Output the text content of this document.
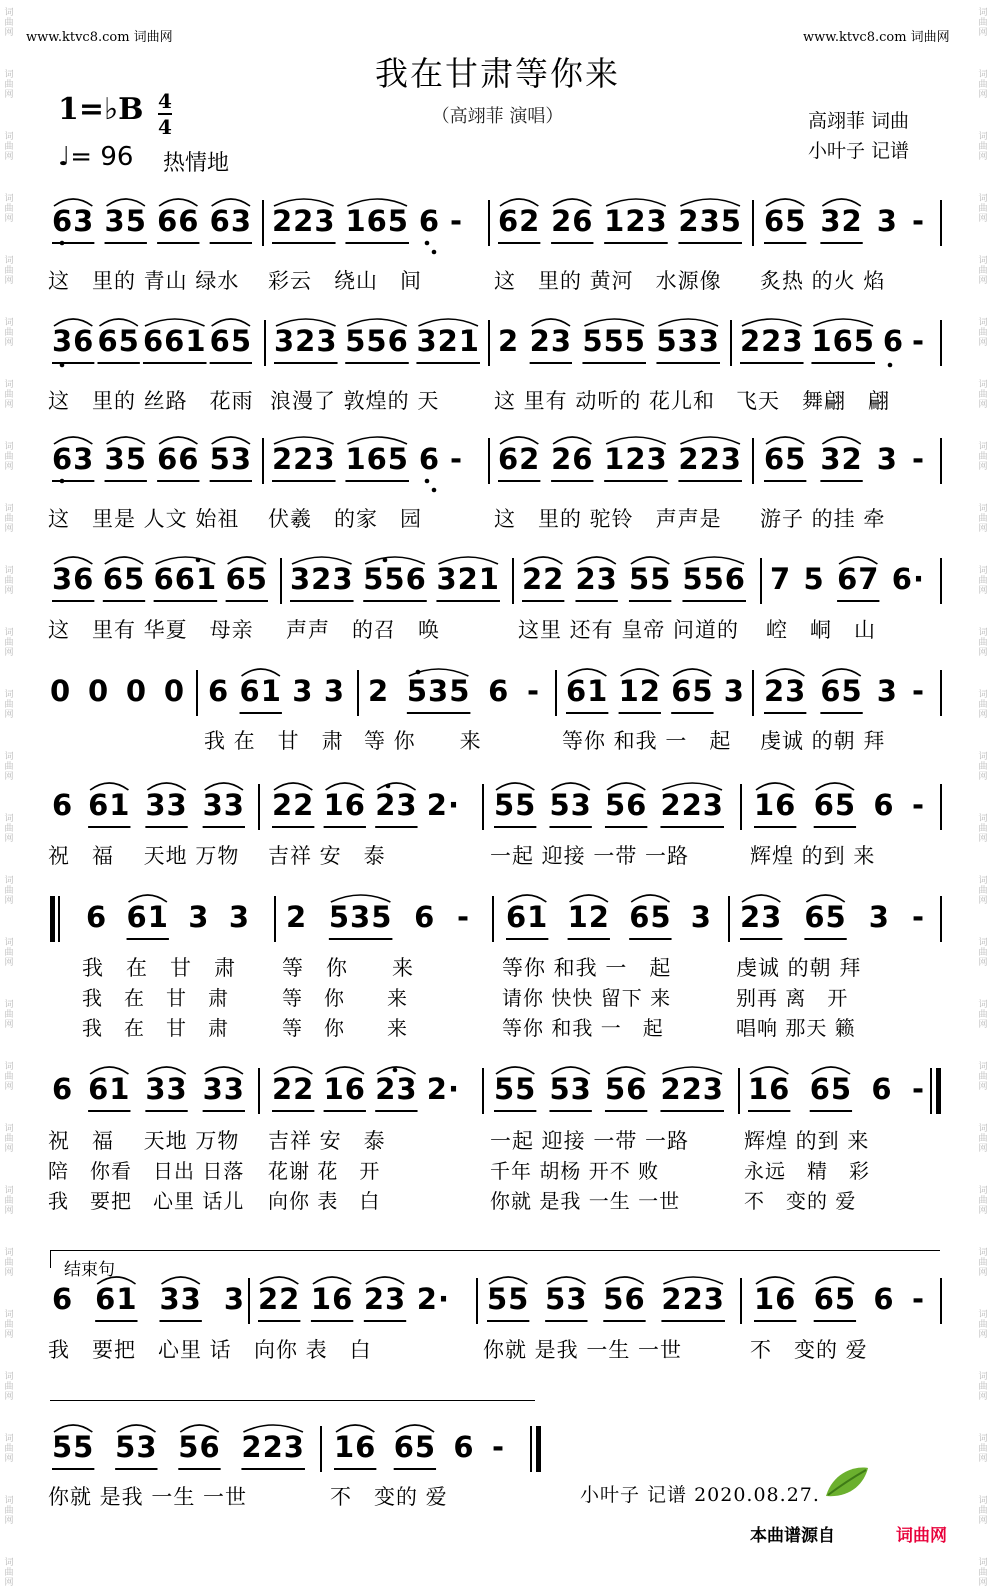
词
曲
网
词
曲
网
词
曲
网
词
曲
网
词
曲
网
词
曲
网
词
曲
网
词
曲
网
词
曲
网
词
曲
网
词
曲
网
词
曲
网
词
曲
网
词
曲
网
词
曲
网
词
曲
网
词
曲
网
词
曲
网
词
曲
网
词
曲
网
词
曲
网
词
曲
网
词
曲
网
词
曲
网
词
曲
网
词
曲
网
词
曲
网
词
曲
网
词
曲
网
词
曲
网
词
曲
网
词
曲
网
词
曲
网
词
曲
网
词
曲
网
词
曲
网
词
曲
网
词
曲
网
词
曲
网
词
曲
网
词
曲
网
词
曲
网
词
曲
网
词
曲
网
词
曲
网
词
曲
网
词
曲
网
词
曲
网
词
曲
网
词
曲
网
词
曲
网
词
曲
网
www.ktvc8.com 词曲网	www.ktvc8.com 词曲网
我在甘肃等你来
（高翊菲 演唱）	高翊菲 词曲
小叶子 记谱
1=♭B 4
4
♩= 96 热情地
63 35 66 63 223 165 6 - 62 26 123 235 65 32 3 -
这　里的 青山 绿水	彩云　绕山　间	这　里的 黄河　水源像	炙热 的火 焰
36 65 661 65 323 556 321 2 23 555 533 223 165 6 -
这　里的 丝路　花雨 浪漫了 敦煌的 天	这 里有 动听的 花儿和 飞天　舞翩　翩
63 35 66 53 223 165 6 - 62 26 123 223 65 32 3 -
这　里是 人文 始祖	伏羲　的家　园	这　里的 驼铃　声声是	游子 的挂 牵
36 65 661 65 323 556 321 22 23 55 556 7 5 67 6·
这　里有 华夏　母亲	声声　的召　唤	这里 还有 皇帝 问道的	崆　峒　山
0 0 0 0 6 61 3 3 2 535 6 - 61 12 65 3 23 65 3 -
我 在　甘　肃 等 你　　来	等你 和我 一　起	虔诚 的朝 拜
6 61 33 33 22 16 23 2· 55 53 56 223 16 65 6 -
祝　福　 天地 万物	吉祥 安　泰	一起 迎接 一带 一路	辉煌 的到 来
6 61 3 3 2 535 6 - 61 12 65 3 23 65 3 -
我　在　甘　肃	等　你　　来	等你 和我 一　起	虔诚 的朝 拜
我　在　甘　肃	等　你　　来	请你 快快 留下 来	别再 离　开
我　在　甘　肃	等　你　　来	等你 和我 一　起	唱响 那天 籁
6 61 33 33 22 16 23 2· 55 53 56 223 16 65 6 -
祝　福　 天地 万物	吉祥 安　泰	一起 迎接 一带 一路	辉煌 的到 来
陪　你看　日出 日落 花谢 花　开	千年 胡杨 开不 败	永远　精　彩
我　要把　心里 话儿 向你 表　白	你就 是我 一生 一世	不　变的 爱
6 61 33 3 22 16 23 2· 55 53 56 223 16 65 6 -
我　要把　心里 话	向你 表　白	你就 是我 一生 一世	不　变的 爱
55 53 56 223 16 65 6 -
你就 是我 一生 一世	不　变的 爱
结束句
小叶子 记谱 2020.08.27.
本曲谱源自	词曲网
